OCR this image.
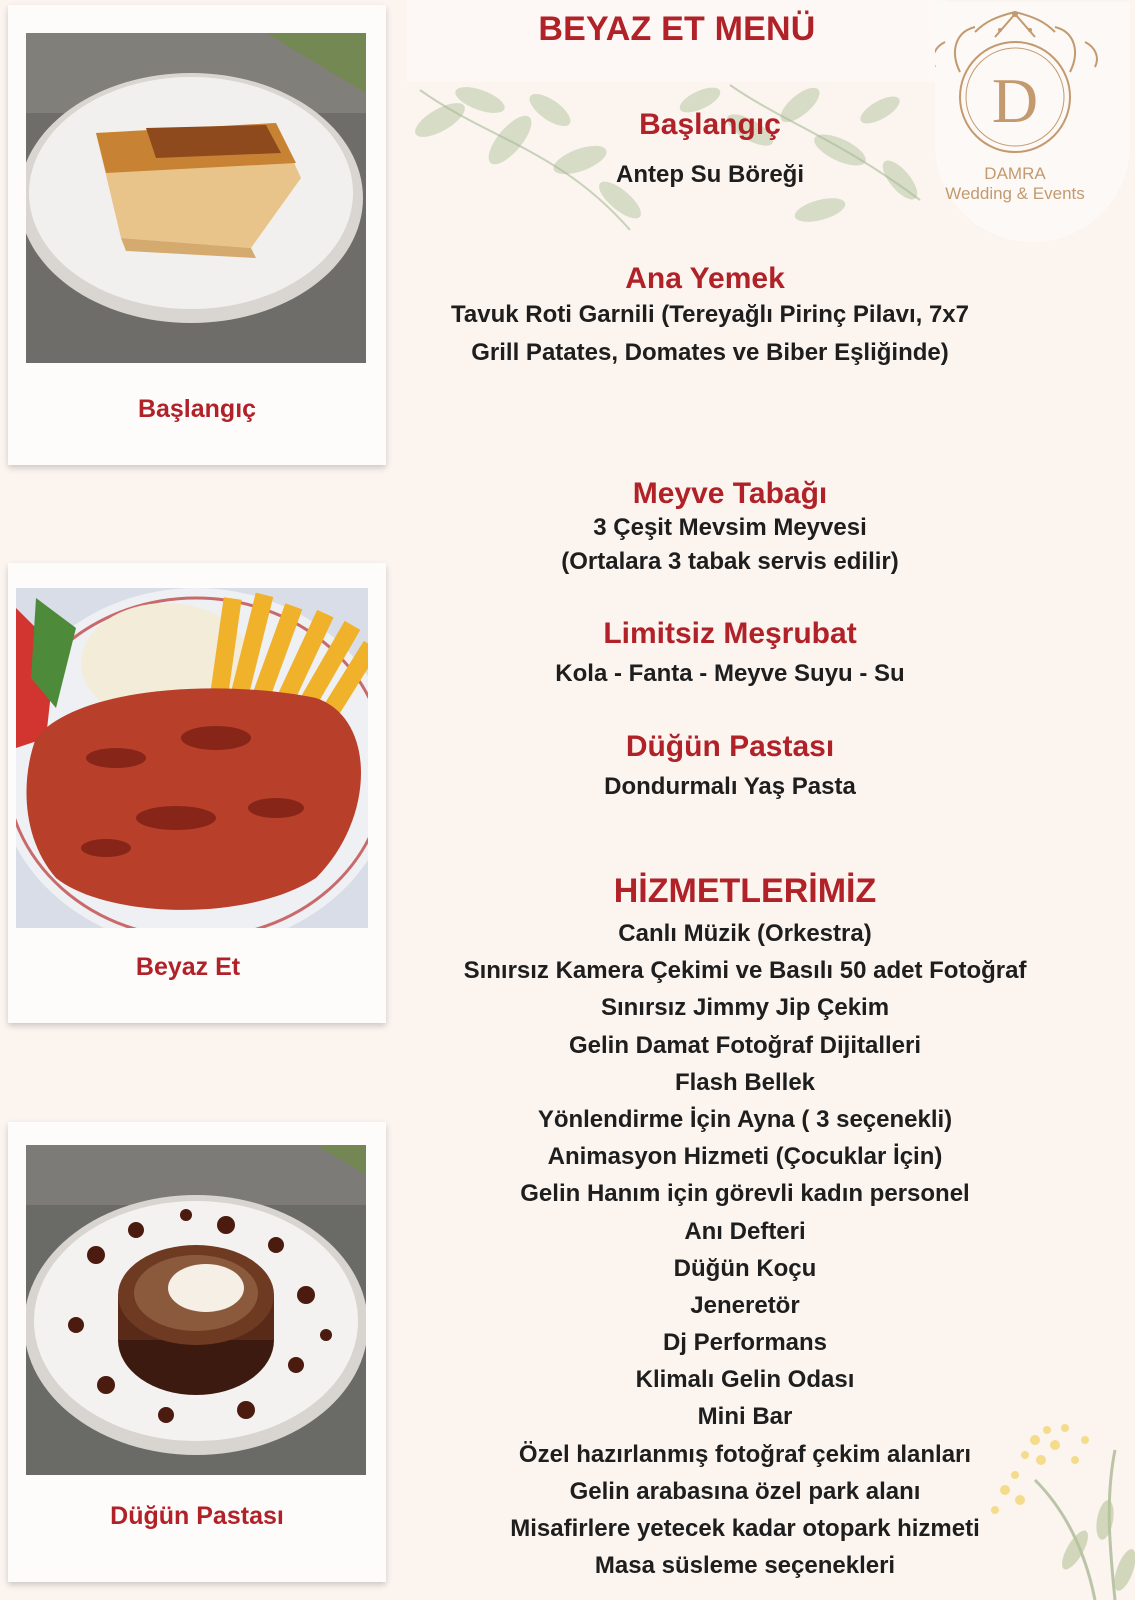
BEYAZ ET MENÜ
D
DAMRA
Wedding & Events
Başlangıç
Beyaz Et
Düğün Pastası
Başlangıç
Antep Su Böreği
Ana Yemek
Tavuk Roti Garnili (Tereyağlı Pirinç Pilavı, 7x7
Grill Patates, Domates ve Biber Eşliğinde)
Meyve Tabağı
3 Çeşit Mevsim Meyvesi
(Ortalara 3 tabak servis edilir)
Limitsiz Meşrubat
Kola - Fanta - Meyve Suyu - Su
Düğün Pastası
Dondurmalı Yaş Pasta
HİZMETLERİMİZ
Canlı Müzik (Orkestra)
Sınırsız Kamera Çekimi ve Basılı 50 adet Fotoğraf
Sınırsız Jimmy Jip Çekim
Gelin Damat Fotoğraf Dijitalleri
Flash Bellek
Yönlendirme İçin Ayna ( 3 seçenekli)
Animasyon Hizmeti (Çocuklar İçin)
Gelin Hanım için görevli kadın personel
Anı Defteri
Düğün Koçu
Jeneretör
Dj Performans
Klimalı Gelin Odası
Mini Bar
Özel hazırlanmış fotoğraf çekim alanları
Gelin arabasına özel park alanı
Misafirlere yetecek kadar otopark hizmeti
Masa süsleme seçenekleri
